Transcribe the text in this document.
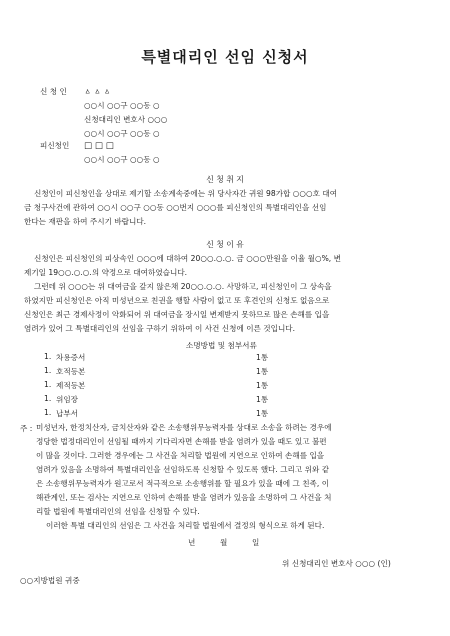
특별대리인 선임 신청서
신 청 인 ㅿ ㅿ ㅿ
○○시 ○○구 ○○동 ○
신청대리인 변호사 ○○○
○○시 ○○구 ○○동 ○
피신청인 □ □ □
○○시 ○○구 ○○동 ○
신 청 취 지
신청인이 피신청인을 상대로 제기할 소송계속중에는 위 당사자간 귀원 98가합 ○○○호 대여
금 청구사건에 관하여 ○○시 ○○구 ○○동 ○○번지 ○○○를 피신청인의 특별대리인을 선임
한다는 재판을 하여 주시기 바랍니다.
신 청 이 유
신청인은 피신청인의 피상속인 ○○○에 대하여 20○○.○.○. 금 ○○○만원을 이율 월○%, 변
제기일 19○○.○.○.의 약정으로 대여하였습니다.
그런데 위 ○○○는 위 대여금을 갚지 않은채 20○○.○.○. 사망하고, 피신청인이 그 상속을
하였지만 피신청인은 아직 미성년으로 친권을 행할 사람이 없고 또 후견인의 신청도 없음으로
신청인은 최근 경제사정이 악화되어 위 대여금을 장시일 변제받지 못하므로 많은 손해를 입을
염려가 있어 그 특별대리인의 선임을 구하기 위하여 이 사건 신청에 이른 것입니다.
소명방법 및 첨부서류
1. 차용증서	1통
1. 호적등본	1통
1. 제적등본	1통
1. 위임장	1통
1. 납부서	1통
주 : 미성년자, 한정치산자, 금치산자와 같은 소송행위무능력자를 상대로 소송을 하려는 경우에
정당한 법정대리인이 선임될 때까지 기다리자면 손해를 받을 염려가 있을 때도 있고 불편
이 많을 것이다. 그러한 경우에는 그 사건을 처리할 법원에 지연으로 인하여 손해를 입을
염려가 있음을 소명하여 특별대리인을 선임하도록 신청할 수 있도록 했다. 그리고 위와 같
은 소송행위무능력자가 원고로서 적극적으로 소송행위를 할 필요가 있을 때에 그 친족, 이
해관계인, 또는 검사는 지연으로 인하여 손해를 받을 염려가 있음을 소명하여 그 사건을 처
리할 법원에 특별대리인의 선임을 신청할 수 있다.
이러한 특별 대리인의 선임은 그 사건을 처리할 법원에서 결정의 형식으로 하게 된다.
년	월	일
위 신청대리인 변호사 ○○○ (인)
○○지방법원 귀중
